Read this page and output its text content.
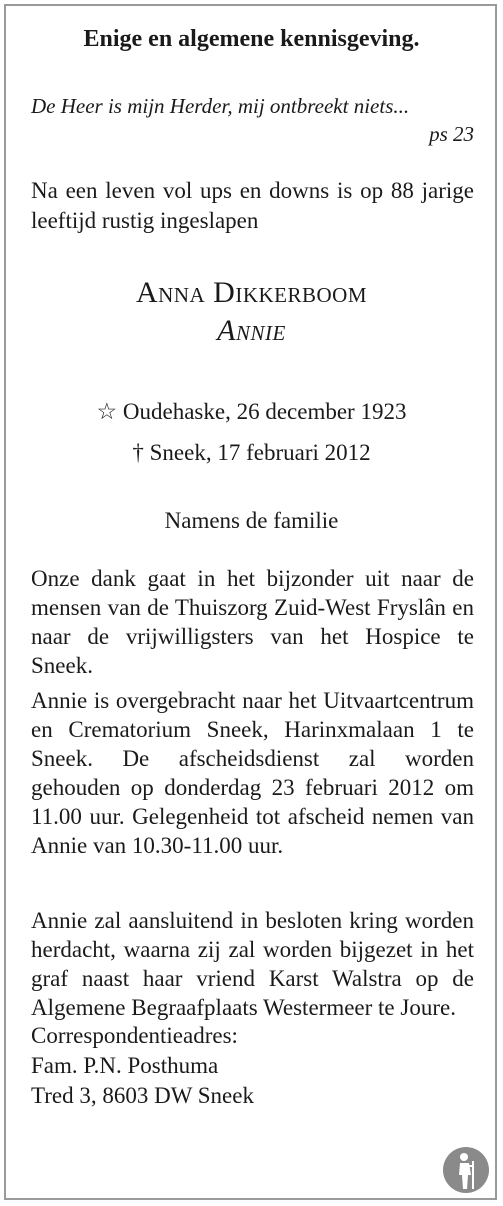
Enige en algemene kennisgeving.
De Heer is mijn Herder, mij ontbreekt niets...
ps 23
Na een leven vol ups en downs is op 88 jarige leeftijd rustig ingeslapen
Anna Dikkerboom
Annie
☆ Oudehaske, 26 december 1923
† Sneek, 17 februari 2012
Namens de familie
Onze dank gaat in het bijzonder uit naar de mensen van de Thuiszorg Zuid-West Fryslân en naar de vrijwilligsters van het Hospice te Sneek.
Annie is overgebracht naar het Uitvaartcentrum en Crematorium Sneek, Harinxmalaan 1 te Sneek. De afscheidsdienst zal worden gehouden op donderdag 23 februari 2012 om 11.00 uur. Gelegenheid tot afscheid nemen van Annie van 10.30-11.00 uur.
Annie zal aansluitend in besloten kring worden herdacht, waarna zij zal worden bijgezet in het graf naast haar vriend Karst Walstra op de Algemene Begraafplaats Westermeer te Joure.
Correspondentieadres:
Fam. P.N. Posthuma
Tred 3, 8603 DW Sneek
